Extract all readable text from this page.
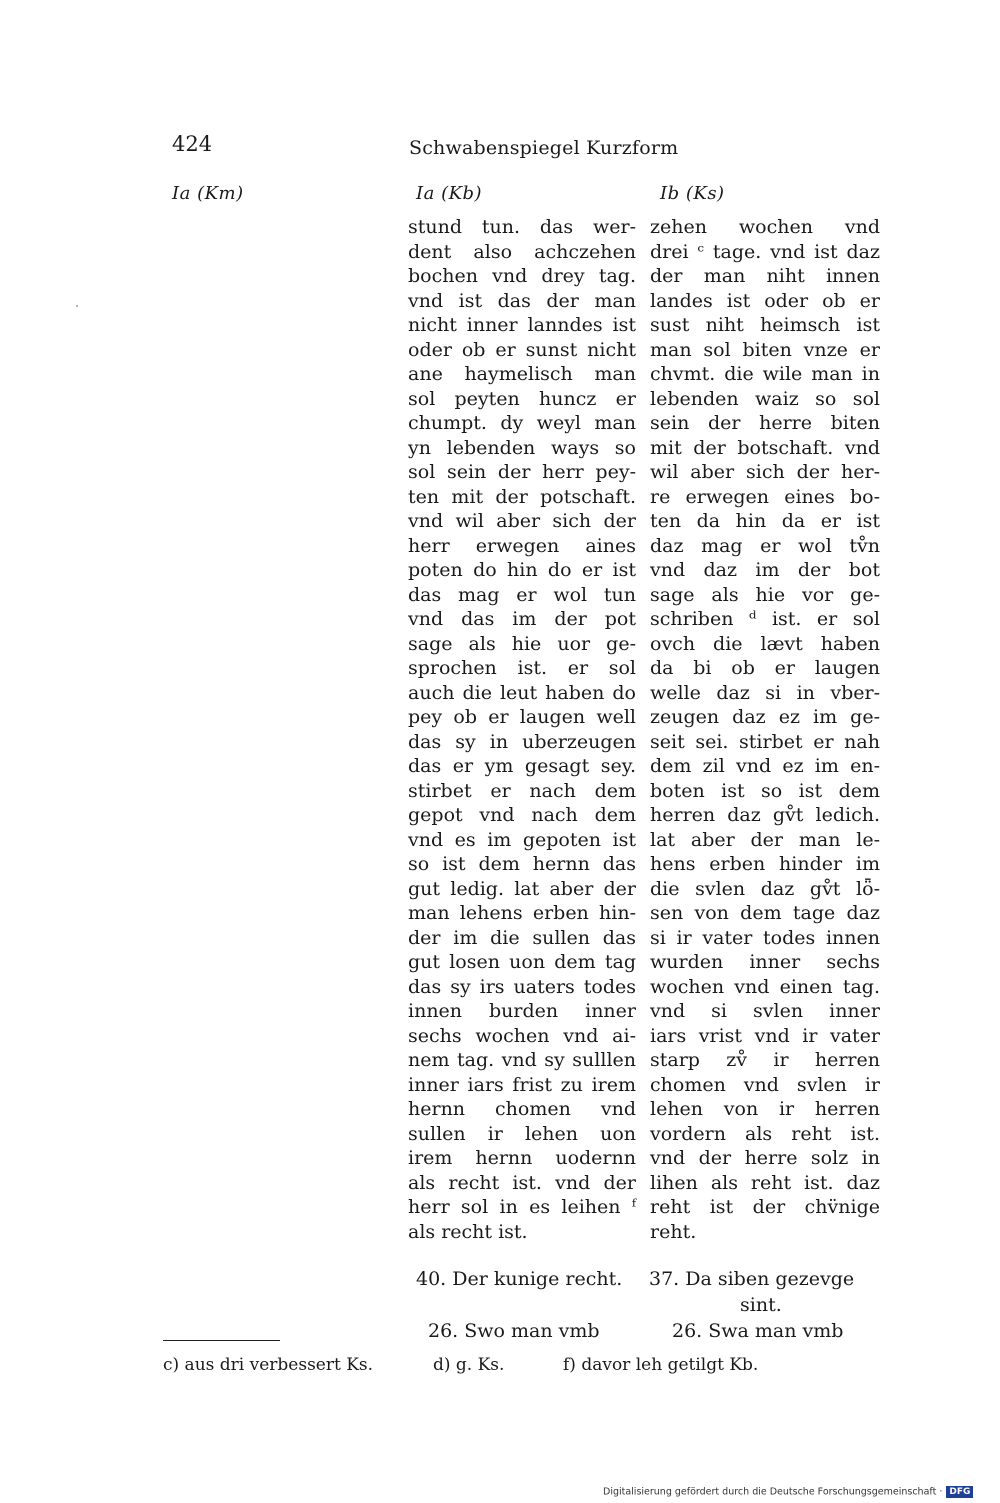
424	Schwabenspiegel Kurzform
Ia (Km)	Ia (Kb)	Ib (Ks)
stund tun. das wer-
dent also achczehen
bochen vnd drey tag.
vnd ist das der man
nicht inner lanndes ist
oder ob er sunst nicht
ane haymelisch man
sol peyten huncz er
chumpt. dy weyl man
yn lebenden ways so
sol sein der herr pey-
ten mit der potschaft.
vnd wil aber sich der
herr erwegen aines
poten do hin do er ist
das mag er wol tun
vnd das im der pot
sage als hie uor ge-
sprochen ist. er sol
auch die leut haben do
pey ob er laugen well
das sy in uberzeugen
das er ym gesagt sey.
stirbet er nach dem
gepot vnd nach dem
vnd es im gepoten ist
so ist dem hernn das
gut ledig. lat aber der
man lehens erben hin-
der im die sullen das
gut losen uon dem tag
das sy irs uaters todes
innen burden inner
sechs wochen vnd ai-
nem tag. vnd sy sulllen
inner iars frist zu irem
hernn chomen vnd
sullen ir lehen uon
irem hernn uodernn
als recht ist. vnd der
herr sol in es leihen ᶠ
als recht ist.
zehen wochen vnd
drei ᶜ tage. vnd ist daz
der man niht innen
landes ist oder ob er
sust niht heimsch ist
man sol biten vnze er
chvmt. die wile man in
lebenden waiz so sol
sein der herre biten
mit der botschaft. vnd
wil aber sich der her-
re erwegen eines bo-
ten da hin da er ist
daz mag er wol tv̊n
vnd daz im der bot
sage als hie vor ge-
schriben ᵈ ist. er sol
ovch die lævt haben
da bi ob er laugen
welle daz si in vber-
zeugen daz ez im ge-
seit sei. stirbet er nah
dem zil vnd ez im en-
boten ist so ist dem
herren daz gv̊t ledich.
lat aber der man le-
hens erben hinder im
die svlen daz gv̊t lȫ-
sen von dem tage daz
si ir vater todes innen
wurden inner sechs
wochen vnd einen tag.
vnd si svlen inner
iars vrist vnd ir vater
starp zv̊ ir herren
chomen vnd svlen ir
lehen von ir herren
vordern als reht ist.
vnd der herre solz in
lihen als reht ist. daz
reht ist der chv̈nige
reht.
40. Der kunige recht. 37. Da siben gezevge
sint.
26. Swo man vmb	26. Swa man vmb
c) aus dri verbessert Ks.	d) g. Ks.	f) davor leh getilgt Kb.
Digitalisierung gefördert durch die Deutsche Forschungsgemeinschaft · DFG
